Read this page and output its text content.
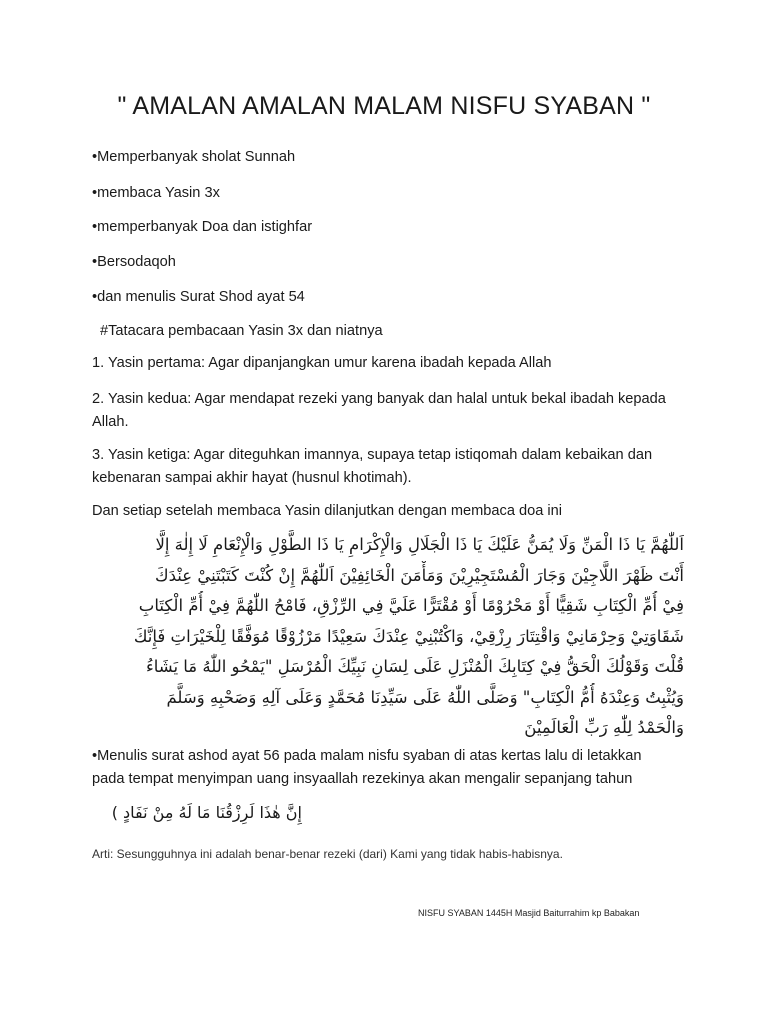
" AMALAN AMALAN MALAM NISFU SYABAN "
•Memperbanyak sholat Sunnah
•membaca Yasin 3x
•memperbanyak Doa dan istighfar
•Bersodaqoh
•dan menulis Surat Shod ayat 54
#Tatacara pembacaan Yasin 3x dan niatnya
1. Yasin pertama: Agar dipanjangkan umur karena ibadah kepada Allah
2. Yasin kedua: Agar mendapat rezeki yang banyak dan halal untuk bekal ibadah kepada Allah.
3. Yasin ketiga: Agar diteguhkan imannya, supaya tetap istiqomah dalam kebaikan dan kebenaran sampai akhir hayat (husnul khotimah).
Dan setiap setelah membaca Yasin dilanjutkan dengan membaca doa ini
اَللّٰهُمَّ يَا ذَا الْمَنِّ وَلَا يُمَنُّ عَلَيْكَ يَا ذَا الْجَلَالِ وَالْإِكْرَامِ يَا ذَا الطَّوْلِ وَالْإِنْعَامِ لَا إِلٰهَ إِلَّا
أَنْتَ ظَهْرَ اللَّاجِيْنَ وَجَارَ الْمُسْتَجِيْرِيْنَ وَمَأْمَنَ الْخَائِفِيْنَ اَللّٰهُمَّ إِنْ كُنْتَ كَتَبْتَنِيْ عِنْدَكَ
فِيْ أُمِّ الْكِتَابِ شَقِيًّا أَوْ مَحْرُوْمًا أَوْ مُقْتَرًّا عَلَيَّ فِي الرِّزْقِ، فَامْحُ اللّٰهُمَّ فِيْ أُمِّ الْكِتَابِ
شَقَاوَتِيْ وَحِرْمَانِيْ وَاقْتِتَارَ رِزْقِيْ، وَاكْتُبْنِيْ عِنْدَكَ سَعِيْدًا مَرْزُوْقًا مُوَفَّقًا لِلْخَيْرَاتِ فَإِنَّكَ
قُلْتَ وَقَوْلُكَ الْحَقُّ فِيْ كِتَابِكَ الْمُنْزَلِ عَلَى لِسَانِ نَبِيِّكَ الْمُرْسَلِ "يَمْحُو اللّٰهُ مَا يَشَاءُ
وَيُثْبِتُ وَعِنْدَهُ أُمُّ الْكِتَابِ" وَصَلَّى اللّٰهُ عَلَى سَيِّدِنَا مُحَمَّدٍ وَعَلَى آلِهِ وَصَحْبِهِ وَسَلَّمَ
وَالْحَمْدُ لِلّٰهِ رَبِّ الْعَالَمِيْنَ
•Menulis surat ashod ayat 56 pada malam nisfu syaban di atas kertas lalu di letakkan pada tempat menyimpan uang insyaallah rezekinya akan mengalir sepanjang tahun
إِنَّ هٰذَا لَرِزْقُنَا مَا لَهُ مِنْ نَفَادٍ )
Arti: Sesungguhnya ini adalah benar-benar rezeki (dari) Kami yang tidak habis-habisnya.
NISFU SYABAN 1445H Masjid Baiturrahim kp Babakan
